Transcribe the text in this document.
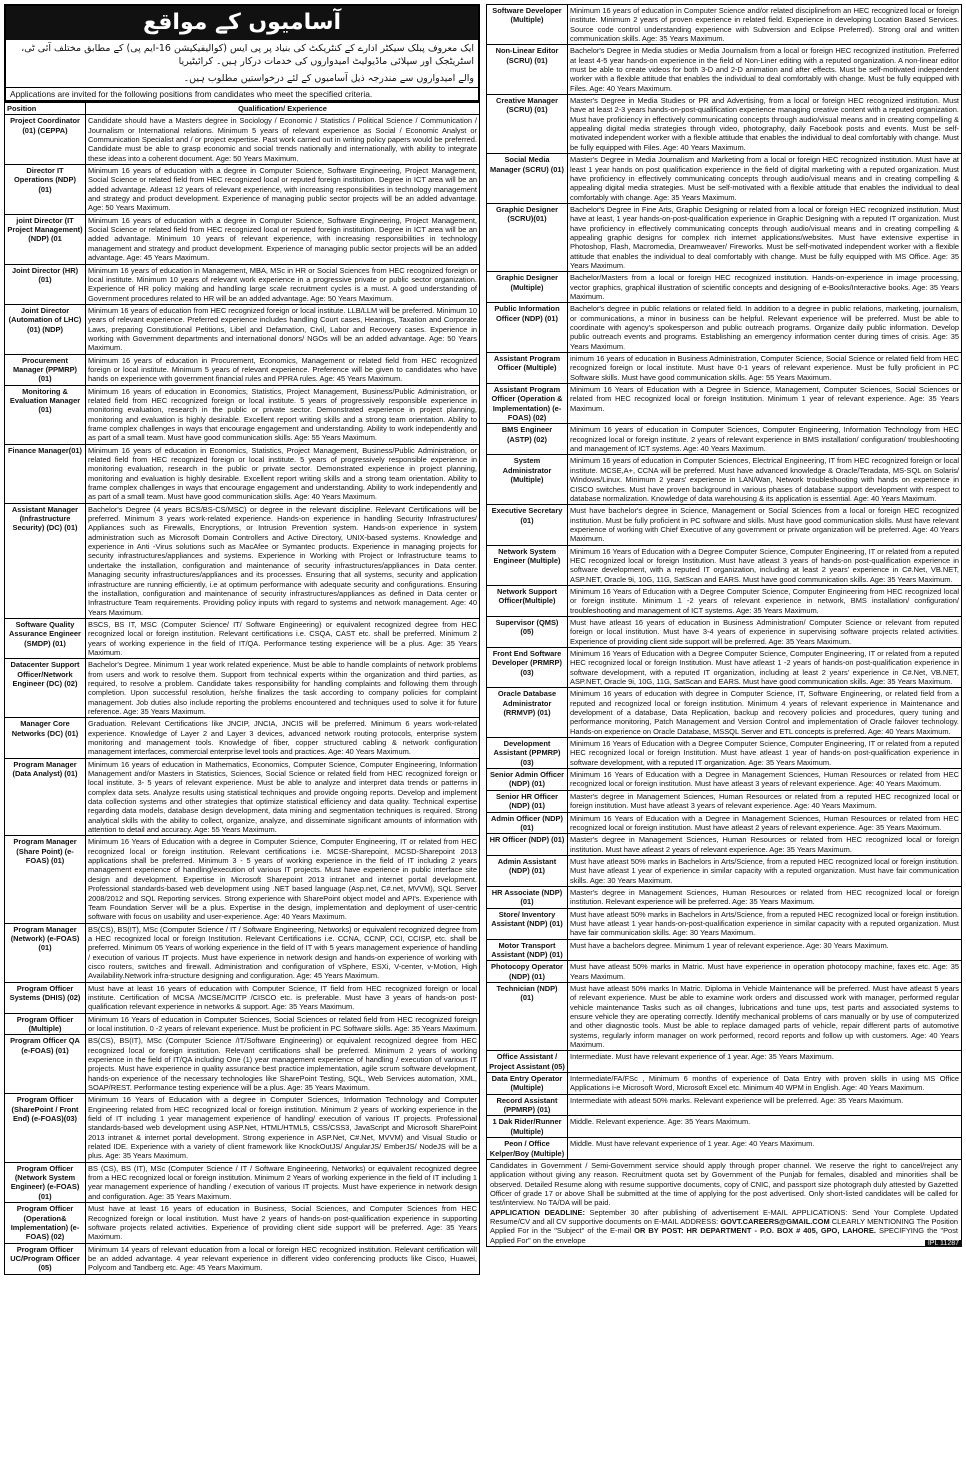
آسامیوں کے مواقع
ایک معروف پبلک سیکٹر ادارے کے کنٹریکٹ کی بنیاد پر پی ایس (کوالیفیکیشن 16-ایم پی) کے مطابق مختلف آئی ٹی، اسٹریٹجک اور سپلائی ماڈیولیٹ امیدواروں کی خدمات درکار ہیں۔ کرائیٹیریا
والے امیدواروں سے مندرجہ ذیل آسامیوں کے لئے درخواستیں مطلوب ہیں۔
Applications are invited for the following positions from candidates who meet the specified criteria.
Position	Qualification/ Experience
Project Coordinator (01) (CEPPA)	Candidate should have a Masters degree in Sociology / Economic / Statistics / Political Science / Communication / Journalism or International relations. Minimum 5 years of relevant experience as Social / Economic Analyst or Communication Specialist and / or project expertise. Past work carried out in writing policy papers would be preferred. Candidate must be able to grasp economic and social trends nationally and internationally, with ability to integrate these ideas into a coherent document. Age: 50 Years Maximum.
Director IT Operations (NDP) (01)	Minimum 16 years of education with a degree in Computer Science, Software Engineering, Project Management, Social Science or related field from HEC recognized local or reputed foreign institution. Degree in ICT area will be an added advantage. Atleast 12 years of relevant experience, with increasing responsibilities in technology management and strategy and product development. Experience of managing public sector projects will be an added advantage. Age: 50 Years Maximum.
joint Director (IT Project Management) (NDP) (01	Minimum 16 years of education with a degree in Computer Science, Software Engineering, Project Management, Social Science or related field from HEC recognized local or reputed foreign institution. Degree in ICT area will be an added advantage. Minimum 10 years of relevant experience, with increasing responsibilities in technology management and strategy and product development. Experience of managing public sector projects will be an added advantage. Age: 45 Years Maximum.
Joint Director (HR) (01)	Minimum 16 years of education in Management, MBA, MSc in HR or Social Sciences from HEC recognized foreign or local institute. Minimum 10 years of relevant work experience in a progressive private or public sector organization. Experience of HR policy making and handling large scale recruitment cycles is a must. A good understanding of Government procedures related to HR will be an added advantage. Age: 50 Years Maximum.
Joint Director (Automation of LHC) (01) (NDP)	Minimum 16 years of education from HEC recognized foreign or local institute. LLB/LLM will be preferred. Minimum 10 years of relevant experience. Preferred experience includes handling Court cases, Hearings, Taxation and Corporate Laws, preparing Constitutional Petitions, Libel and Defamation, Civil, Labor and Recovery cases. Experience in working with Government departments and international donors/ NGOs will be an added advantage. Age: 50 Years Maximum.
Procurement Manager (PPMRP) (01)	Minimum 16 years of education in Procurement, Economics, Management or related field from HEC recognized foreign or local institute. Minimum 5 years of relevant experience. Preference will be given to candidates who have hands on experience with government financial rules and PPRA rules. Age: 45 Years Maximum.
Monitoring & Evaluation Manager (01)	Minimum 16 years of education in Economics, Statistics, Project Management, Business/Public Administration, or related field from HEC recognized foreign or local institute. 5 years of progressively responsible experience in monitoring evaluation, research in the public or private sector. Demonstrated experience in project planning, monitoring and evaluation is highly desirable. Excellent report writing skills and a strong team orientation. Ability to frame complex challenges in ways that encourage engagement and understanding. Ability to work independently and as part of a small team. Must have good communication skills. Age: 55 Years Maximum.
Finance Manager(01)	Minimum 16 years of education in Economics, Statistics, Project Management, Business/Public Administration, or related field from HEC recognized foreign or local institute. 5 years of progressively responsible experience in monitoring evaluation, research in the public or private sector. Demonstrated experience in project planning, monitoring and evaluation is highly desirable. Excellent report writing skills and a strong team orientation. Ability to frame complex challenges in ways that encourage engagement and understanding. Ability to work independently and as part of a small team. Must have good communication skills. Age: 40 Years Maximum.
Assistant Manager (Infrastructure Security) (DC) (01)	Bachelor's Degree (4 years BCS/BS-CS/MSC) or degree in the relevant discipline. Relevant Certifications will be preferred. Minimum 3 years work-related experience. Hands-on experience in handling Security Infrastructures/ Appliances such as Firewalls, Encryptions, or Intrusion Prevention system. Hands-on experience in system administration such as Microsoft Domain Controllers and Active Directory, UNIX-based systems. Knowledge and experience in Anti -Virus solutions such as MacAfee or Symantec products. Experience in managing projects for security infrastructures/appliances and systems. Experience in Working with Project or Infrastructure teams to undertake the installation, configuration and maintenance of security infrastructures/appliances in Data center. Managing security infrastructures/appliances and its processes. Ensuring that all systems, security and application infrastructure are running efficiently, i.e at optimum performance with adequate security and configurations. Ensuring the installation, configuration and maintenance of security infrastructures/appliances as defined in Data center or Infrastructure Team requirements. Providing policy inputs with regard to systems and network management. Age: 40 Years Maximum.
Software Quality Assurance Engineer (SMDP) (01)	BSCS, BS IT, MSC (Computer Science/ IT/ Software Engineering) or equivalent recognized degree from HEC recognized local or foreign institution. Relevant certifications i.e. CSQA, CAST etc. shall be preferred. Minimum 2 years of working experience in the field of IT/QA. Performance testing experience will be a plus. Age: 35 Years Maximum.
Datacenter Support Officer/Network Engineer (DC) (02)	Bachelor's Degree. Minimum 1 year work related experience. Must be able to handle complaints of network problems from users and work to resolve them. Support from technical experts within the organization and third parties, as required, to resolve a problem. Candidate takes responsibility for handling complaints and following them through completion. Upon successful resolution, he/she finalizes the task according to company policies for complaint management. Job duties also include reporting the problems encountered and techniques used to solve it for future reference. Age: 35 Years Maximum.
Manager Core Networks (DC) (01)	Graduation. Relevant Certifications like JNCIP, JNCIA, JNCIS will be preferred. Minimum 6 years work-related experience. Knowledge of Layer 2 and Layer 3 devices, advanced network routing protocols, enterprise system monitoring and management tools. Knowledge of fiber, copper structured cabling & network configuration management interfaces, commercial enterprise level tools and practices. Age: 40 Years Maximum.
Program Manager (Data Analyst) (01)	Minimum 16 years of education in Mathematics, Economics, Computer Science, Computer Engineering, Information Management and/or Masters in Statistics, Sciences, Social Science or related field from HEC recognized foreign or local institute. 3- 5 years of relevant experience. Must be able to analyze and interpret data trends or patterns in complex data sets. Analyze results using statistical techniques and provide ongoing reports. Develop and implement data collection systems and other strategies that optimize statistical efficiency and data quality. Technical expertise regarding data models, database design development, data mining and segmentation techniques is required. Strong analytical skills with the ability to collect, organize, analyze, and disseminate significant amounts of information with attention to detail and accuracy. Age: 55 Years Maximum.
Program Manager (Share Point) (e-FOAS) (01)	Minimum 16 Years of Education with a degree in Computer Science, Computer Engineering, IT or related from HEC recognized local or foreign institution. Relevant certifications i.e. MCSE-Sharepoint, MCSD-Sharepoint 2013 applications shall be preferred. Minimum 3 - 5 years of working experience in the field of IT including 2 years management experience of handling/execution of various IT projects. Must have experience in public interface site design and development. Expertise in Microsoft Sharepoint 2013 intranet and internet portal development. Professional standards-based web development using .NET based language (Asp.net, C#.net, MVVM), SQL Server 2008/2012 and SQL Reporting services. Strong experience with SharePoint object model and API's. Experience with Team Foundation Server will be a plus. Expertise in the design, implementation and deployment of user-centric software with focus on usability and user-experience. Age: 40 Years Maximum.
Program Manager (Network) (e-FOAS) (01)	BS(CS), BS(IT), MSc (Computer Science / IT / Software Engineering, Networks) or equivalent recognized degree from a HEC recognized local or foreign Institution. Relevant Certifications i.e. CCNA, CCNP, CCI, CCISP, etc. shall be preferred. Minimum 05 Years of working experience in the field of IT with 5 years management experience of handling / execution of various IT projects. Must have experience in network design and hands-on experience of working with cisco routers, switches and firewall. Administration and configuration of vSphere, ESXi, V-center, v-Motion, High Availability.Network infra-structure designing and configuration. Age: 45 Years Maximum.
Program Officer Systems (DHIS) (02)	Must have at least 16 years of education with Computer Science, IT field from HEC recognized foreign or local institute. Certification of MCSA /MCSE/MCITP /CISCO etc. is preferable. Must have 3 years of hands-on post-qualification relevant experience in networks & support. Age: 35 Years Maximum.
Program Officer (Multiple)	Minimum 16 Years of education in Computer Sciences, Social Sciences or related field from HEC recognized foreign or local institution. 0 -2 years of relevant experience. Must be proficient in PC Software skills. Age: 35 Years Maximum.
Program Officer QA (e-FOAS) (01)	BS(CS), BS(IT), MSc (Computer Science /IT/Software Engineering) or equivalent recognized degree from HEC recognized local or foreign institution. Relevant certifications shall be preferred. Minimum 2 years of working experience in the field of IT/QA including One (1) year management experience of handling / execution of various IT projects. Must have experience in quality assurance best practice implementation, agile scrum software development, hands-on experience of the necessary technologies like SharePoint Testing, SQL, Web Services automation, XML, SOAP/REST. Performance testing experience will be a plus. Age: 35 Years Maximum.
Program Officer (SharePoint / Front End) (e-FOAS)(03)	Minimum 16 Years of Education with a degree in Computer Sciences, Information Technology and Computer Engineering related from HEC recognized local or foreign institution. Minimum 2 years of working experience in the field of IT including 1 year management experience of handling/ execution of various IT projects. Professional standards-based web development using ASP.Net, HTML/HTML5, CSS/CSS3, JavaScript and Microsoft SharePoint 2013 intranet & internet portal development. Strong experience in ASP.Net, C#.Net, MVVM) and Visual Studio or related IDE. Experience with a variety of client framework like KnockOutJS/ AngularJS/ EmberJS/ NodeJS will be a plus. Age: 35 Years Maximum.
Program Officer (Network System Engineer) (e-FOAS)(01)	BS (CS), BS (IT), MSc (Computer Science / IT / Software Engineering, Networks) or equivalent recognized degree from a HEC recognized local or foreign institution. Minimum 2 Years of working experience in the field of IT including 1 year management experience of handling / execution of various IT projects. Must have experience in network design and configuration. Age: 35 Years Maximum.
Program Officer (Operation& Implementation) (e-FOAS) (02)	Must have at least 16 years of education in Business, Social Sciences, and Computer Sciences from HEC Recognized foreign or local institution. Must have 2 years of hands-on post-qualification experience in supporting software projects related activities. Experience of providing client side support will be preferred. Age: 35 Years Maximum.
Program Officer UC/Program Officer (05)	Minimum 14 years of relevant education from a local or foreign HEC recognized institution. Relevant certification will be an added advantage. 4 year relevant experience in different video conferencing products like Cisco, Huawei, Polycom and Tandberg etc. Age: 45 Years Maximum.
Software Developer (Multiple)	Minimum 16 years of education in Computer Science and/or related disciplinefrom an HEC recognized local or foreign institute. Minimum 2 years of proven experience in related field. Experience in developing Location Based Services. Source code control understanding experience with Subversion and Eclipse Preferred). Strong oral and written communication skills. Age: 35 Years Maximum.
Non-Linear Editor (SCRU) (01)	Bachelor's Degree in Media studies or Media Journalism from a local or foreign HEC recognized institution. Preferred at least 4-5 year hands-on experience in the field of Non-Liner editing with a reputed organization. A non-linear editor must be able to create videos for both 3-D and 2-D animation and after effects. Must be self-motivated independent worker with a flexible attitude that enables the individual to deal comfortably with change. Must be fully equipped with Files. Age: 40 Years Maximum.
Creative Manager (SCRU) (01)	Master's Degree in Media Studies or PR and Advertising, from a local or foreign HEC recognized institution. Must have at least 2-3 years hands-on-post-qualification experience managing creative content with a reputed organization. Must have proficiency in effectively communicating concepts through audio/visual means and in creating compelling & appealing digital media strategies through video, photography, daily Facebook posts and events. Must be self-motivated independent worker with a flexible attitude that enables the individual to deal comfortably with change. Must be fully equipped with Files. Age: 40 Years Maximum.
Social Media Manager (SCRU) (01)	Master's Degree in Media Journalism and Marketing from a local or foreign HEC recognized institution. Must have at least 1 year hands on post qualification experience in the field of digital marketing with a reputed organization. Must have proficiency in effectively communicating concepts through audio/visual means and in creating compelling & appealing digital media strategies. Must be self-motivated with a flexible attitude that enables the individual to deal comfortably with change. Age: 35 Years Maximum.
Graphic Designer (SCRU)(01)	Bachelor's Degree in Fine Arts, Graphic Designing or related from a local or foreign HEC recognized institution. Must have at least, 1 year hands-on-post-qualification experience in Graphic Designing with a reputed IT organization. Must have proficiency in effectively communicating concepts through audio/visual means and in creating compelling & appealing graphic designs for complex rich internet applications/websites. Must have extensive expertise in Photoshop, Flash, Macromedia, Dreamweaver/ Fireworks. Must be self-motivated independent worker with a flexible attitude that enables the individual to deal comfortably with change. Must be fully equipped with MS Office. Age: 35 Years Maximum.
Graphic Designer (Multiple)	Bachelor/Masters from a local or foreign HEC recognized institution. Hands-on-experience in image processing, vector graphics, graphical illustration of scientific concepts and designing of e-Books/Interactive books. Age: 35 Years Maximum.
Public Information Officer (NDP) (01)	Bachelor's degree in public relations or related field. In addition to a degree in public relations, marketing, journalism, or communications, a minor in business can be helpful. Relevant experience will be preferred. Must be able to coordinate with agency's spokesperson and public outreach programs. Organize daily public information. Develop public outreach events and programs. Establishing an emergency information center during times of crisis. Age: 35 Years Maximum.
Assistant Program Officer (Multiple)	inimum 16 years of education in Business Administration, Computer Science, Social Science or related field from HEC recognized foreign or local institute. Must have 0-1 years of relevant experience. Must be fully proficient in PC Software skills. Must have good communication skills. Age: 55 Years Maximum.
Assistant Program Officer (Operation & Implementation) (e-FOAS) (02)	Minimum 16 Years of Education with a Degree in Science, Management, Computer Sciences, Social Sciences or related from HEC recognized local or foreign Institution. Minimum 1 year of relevant experience. Age: 35 Years Maximum.
BMS Engineer (ASTP) (02)	Minimum 16 years of education in Computer Sciences, Computer Engineering, Information Technology from HEC recognized local or foreign institute. 2 years of relevant experience in BMS installation/ configuration/ troubleshooting and management of ICT systems. Age: 40 Years Maximum.
System Administrator (Multiple)	Minimum 16 years of education in Computer Sciences, Electrical Engineering, IT from HEC recognized foreign or local institute. MCSE,A+, CCNA will be preferred. Must have advanced knowledge & Oracle/Teradata, MS-SQL on Solaris/ Windows/Linux. Minimum 2 years' experience in LAN/Wan, Network troubleshooting with hands on experience in CISCO switches. Must have proven background in various phases of database support development with respect to database normalization. Knowledge of data warehousing & its application is essential. Age: 40 Years Maximum.
Executive Secretary (01)	Must have bachelor's degree in Science, Management or Social Sciences from a local or foreign HEC recognized institution. Must be fully proficient in PC software and skills. Must have good communication skills. Must have relevant experience of working with Chief Executive of any government or private organization will be preferred. Age: 40 Years Maximum.
Network System Engineer (Multiple)	Minimum 16 Years of Education with a Degree Computer Science, Computer Engineering, IT or related from a reputed HEC recognized local or foreign Institution. Must have atleast 3 years of hands-on post-qualification experience in software development, with a reputed IT organization, including at least 2 years' experience in C#.Net, VB.NET, ASP.NET, Oracle 9i, 10G, 11G, SatScan and EARS. Must have good communication skills. Age: 35 Years Maximum.
Network Support Officer(Multiple)	Minimum 16 Years of Education with a Degree Computer Science, Computer Engineering from HEC recognized local or foreign institute. Minimum 1 -2 years of relevant experience in network, BMS installation/ configuration/ troubleshooting and management of ICT systems. Age: 35 Years Maximum.
Supervisor (QMS) (05)	Must have atleast 16 years of education in Business Administration/ Computer Science or relevant from reputed foreign or local institution. Must have 3-4 years of experience in supervising software projects related activities. Experience of providing client side support will be preferred. Age: 35 Years Maximum.
Front End Software Developer (PRMRP) (03)	Minimum 16 Years of Education with a Degree Computer Science, Computer Engineering, IT or related from a reputed HEC recognized local or foreign Institution. Must have atleast 1 -2 years of hands-on post-qualification experience in software development, with a reputed IT organization, including at least 2 years' experience in C#.Net, VB.NET, ASP.NET, Oracle 9i, 10G, 11G, SatScan and EARS. Must have good communication skills. Age: 35 Years Maximum.
Oracle Database Administrator (RRMVP) (01)	Minimum 16 years of education with degree in Computer Science, IT, Software Engineering, or related field from a reputed and recognized local or foreign institution. Minimum 4 years of relevant experience in Maintenance and development of a database, Data Replication, backup and recovery policies and procedures, query tuning and performance monitoring, Patch Management and Version Control and implementation of Oracle failover technology. Hands-on experience on Oracle Database, MSSQL Server and ETL concepts is preferred. Age: 40 Years Maximum.
Development Assistant (PPMRP) (03)	Minimum 16 Years of Education with a Degree Computer Science, Computer Engineering, IT or related from a reputed HEC recognized local or foreign Institution. Must have atleast 1 year of hands-on post-qualification experience in software development, with a reputed IT organization. Age: 35 Years Maximum.
Senior Admin Officer (NDP) (01)	Minimum 16 Years of Education with a Degree in Management Sciences, Human Resources or related from HEC recognized local or foreign institution. Must have atleast 3 years of relevant experience. Age: 40 Years Maximum.
Senior HR Officer (NDP) (01)	Master's degree in Management Sciences, Human Resources or related from a reputed HEC recognized local or foreign institution. Must have atleast 3 years of relevant experience. Age: 40 Years Maximum.
Admin Officer (NDP) (01)	Minimum 16 Years of Education with a Degree in Management Sciences, Human Resources or related from HEC recognized local or foreign institution. Must have atleast 2 years of relevant experience. Age: 35 Years Maximum.
HR Officer (NDP) (01)	Master's degree in Management Sciences, Human Resources or related from HEC recognized local or foreign institution. Must have atleast 2 years of relevant experience. Age: 35 Years Maximum.
Admin Assistant (NDP) (01)	Must have atleast 50% marks in Bachelors in Arts/Science, from a reputed HEC recognized local or foreign institution. Must have atleast 1 year of experience in similar capacity with a reputed organization. Must have fair communication skills. Age: 30 Years Maximum.
HR Associate (NDP) (01)	Master's degree in Management Sciences, Human Resources or related from HEC recognized local or foreign institution. Relevant experience will be preferred. Age: 35 Years Maximum.
Store/ Inventory Assistant (NDP) (01)	Must have atleast 50% marks in Bachelors in Arts/Science, from a reputed HEC recognized local or foreign institution. Must have atleast 1 year hands-on-post-qualification experience in similar capacity with a reputed organization. Must have fair communication skills. Age: 30 Years Maximum.
Motor Transport Assistant (NDP) (01)	Must have a bachelors degree. Minimum 1 year of relevant experience. Age: 30 Years Maximum.
Photocopy Operator (NDP) (01)	Must have atleast 50% marks in Matric. Must have experience in operation photocopy machine, faxes etc. Age: 35 Years Maximum.
Technician (NDP) (01)	Must have atleast 50% marks In Matric. Diploma in Vehicle Maintenance will be preferred. Must have atleast 5 years of relevant experience. Must be able to examine work orders and discussed work with manager, performed regular vehicle maintenance Tasks such as oil changes, lubrications and tune ups, test parts and associated systems to ensure vehicle they are operating correctly. Identify mechanical problems of cars manually or by use of computerized and other diagnostic tools. Must be able to replace damaged parts of vehicle, repair different parts of automotive systems, regularly inform manager on work performed, record reports and follow up with customers. Age: 40 Years Maximum.
Office Assistant / Project Assistant (05)	Intermediate. Must have relevant experience of 1 year. Age: 35 Years Maximum.
Data Entry Operator (Multiple)	Intermediate/FA/FSc , Minimum 6 months of experience of Data Entry with proven skills in using MS Office Applications i-e Microsoft Word, Microsoft Excel etc. Minimum 40 WPM in English. Age: 40 Years Maximum.
Record Assistant (PPMRP) (01)	Intermediate with atleast 50% marks. Relevant experience will be preferred. Age: 35 Years Maximum.
1 Dak Rider/Runner (Multiple)	Middle. Relevant experience. Age: 35 Years Maximum.
Peon / Office Kelper/Boy (Multiple)	Middle. Must have relevant experience of 1 year. Age: 40 Years Maximum.
Candidates in Government / Semi-Government service should apply through proper channel. We reserve the right to cancel/reject any application without giving any reason. Recruitment quota set by Government of the Punjab for females, disabled and minorities shall be observed. Detailed Resume along with resume supportive documents, copy of CNIC, and passport size photograph duly attested by Gazetted Officer of grade 17 or above Shall be submitted at the time of applying for the post advertised. Only short-listed candidates will be called for test/interview. No TA/DA will be paid.
APPLICATION DEADLINE: September 30 after publishing of advertisement E-MAIL APPLICATIONS: Send Your Complete Updated Resume/CV and all CV supportive documents on E-MAIL ADDRESS: GOVT.CAREERS@GMAIL.COM CLEARLY MENTIONING The Position Applied For in the "Subject" of the E-mail OR BY POST: HR DEPARTMENT - P.O. BOX # 405, GPO, LAHORE. SPECIFYING the "Post Applied For" on the envelope	IPL 11287
